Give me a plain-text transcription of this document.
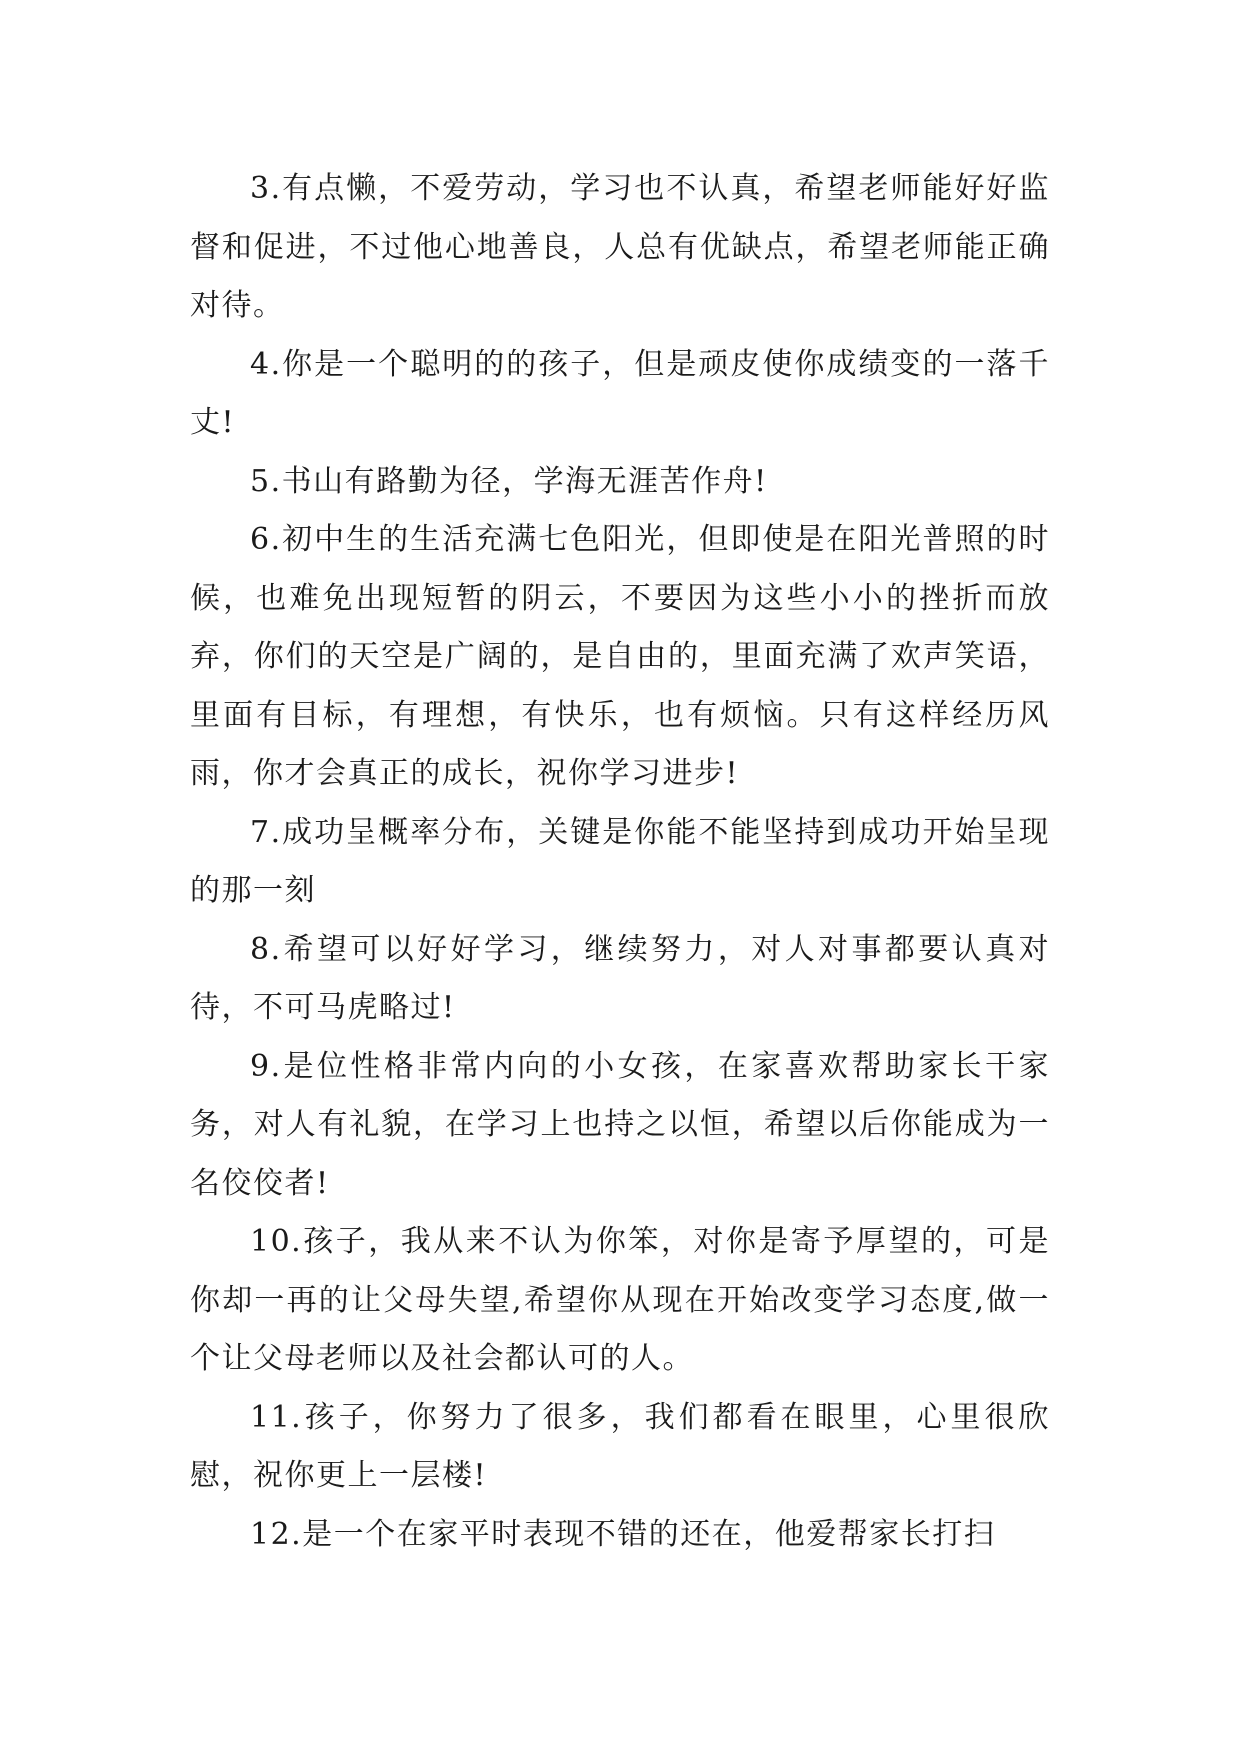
3.有点懒，不爱劳动，学习也不认真，希望老师能好好监督和促进，不过他心地善良，人总有优缺点，希望老师能正确对待。

4.你是一个聪明的的孩子，但是顽皮使你成绩变的一落千丈!

5.书山有路勤为径，学海无涯苦作舟!

6.初中生的生活充满七色阳光，但即使是在阳光普照的时候，也难免出现短暂的阴云，不要因为这些小小的挫折而放弃，你们的天空是广阔的，是自由的，里面充满了欢声笑语，里面有目标，有理想，有快乐，也有烦恼。只有这样经历风雨，你才会真正的成长，祝你学习进步!

7.成功呈概率分布，关键是你能不能坚持到成功开始呈现的那一刻

8.希望可以好好学习，继续努力，对人对事都要认真对待，不可马虎略过!

9.是位性格非常内向的小女孩，在家喜欢帮助家长干家务，对人有礼貌，在学习上也持之以恒，希望以后你能成为一名佼佼者!

10.孩子，我从来不认为你笨，对你是寄予厚望的，可是你却一再的让父母失望,希望你从现在开始改变学习态度,做一个让父母老师以及社会都认可的人。

11.孩子，你努力了很多，我们都看在眼里，心里很欣慰，祝你更上一层楼!

12.是一个在家平时表现不错的还在，他爱帮家长打扫
